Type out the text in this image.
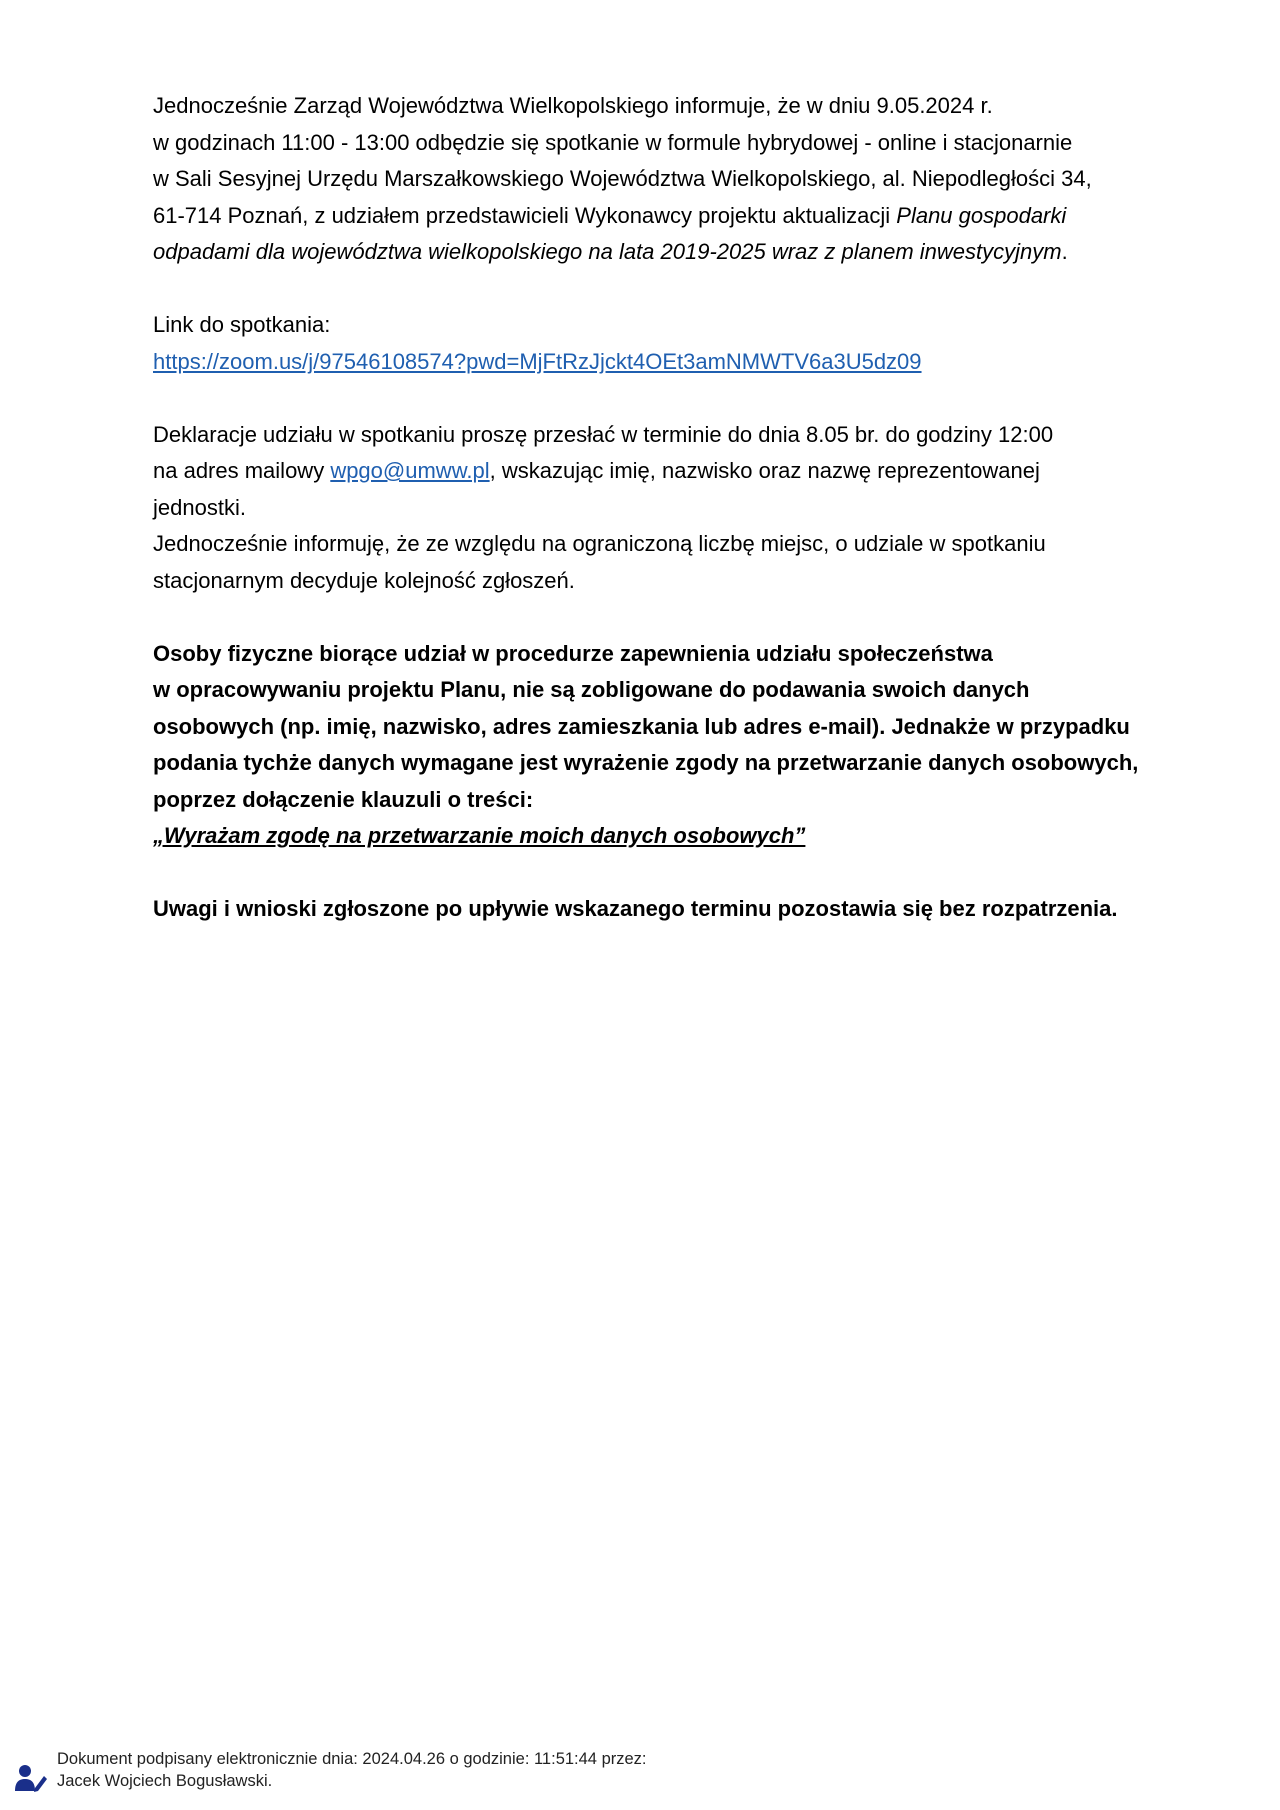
Jednocześnie Zarząd Województwa Wielkopolskiego informuje, że w dniu 9.05.2024 r.

w godzinach 11:00 - 13:00 odbędzie się spotkanie w formule hybrydowej - online i stacjonarnie

w Sali Sesyjnej Urzędu Marszałkowskiego Województwa Wielkopolskiego, al. Niepodległości 34,

61-714 Poznań, z udziałem przedstawicieli Wykonawcy projektu aktualizacji Planu gospodarki

odpadami dla województwa wielkopolskiego na lata 2019-2025 wraz z planem inwestycyjnym.

Link do spotkania:

https://zoom.us/j/97546108574?pwd=MjFtRzJjckt4OEt3amNMWTV6a3U5dz09

Deklaracje udziału w spotkaniu proszę przesłać w terminie do dnia 8.05 br. do godziny 12:00

na adres mailowy wpgo@umww.pl, wskazując imię, nazwisko oraz nazwę reprezentowanej

jednostki.

Jednocześnie informuję, że ze względu na ograniczoną liczbę miejsc, o udziale w spotkaniu

stacjonarnym decyduje kolejność zgłoszeń.

Osoby fizyczne biorące udział w procedurze zapewnienia udziału społeczeństwa

w opracowywaniu projektu Planu, nie są zobligowane do podawania swoich danych

osobowych (np. imię, nazwisko, adres zamieszkania lub adres e-mail). Jednakże w przypadku

podania tychże danych wymagane jest wyrażenie zgody na przetwarzanie danych osobowych,

poprzez dołączenie klauzuli o treści:

„Wyrażam zgodę na przetwarzanie moich danych osobowych”

Uwagi i wnioski zgłoszone po upływie wskazanego terminu pozostawia się bez rozpatrzenia.

Dokument podpisany elektronicznie dnia: 2024.04.26 o godzinie: 11:51:44 przez:
Jacek Wojciech Bogusławski.
